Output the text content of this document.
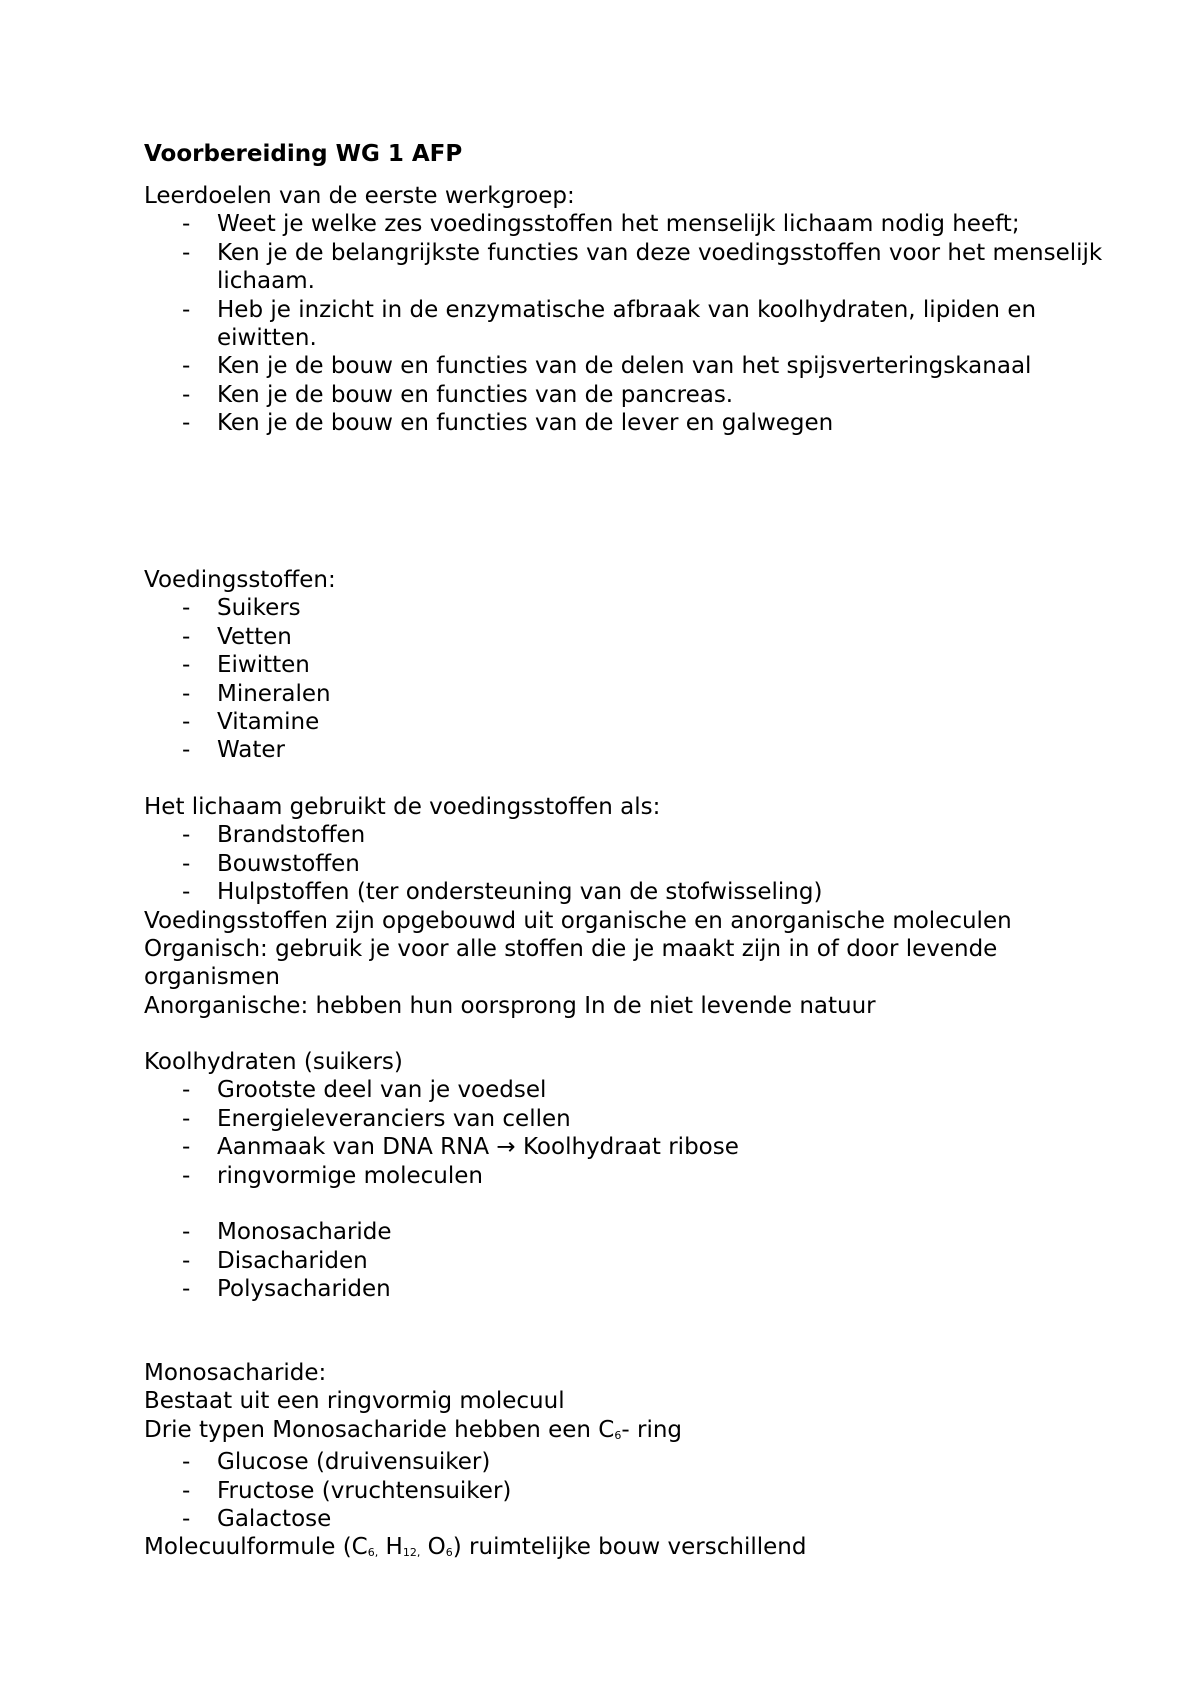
Voorbereiding WG 1 AFP

Leerdoelen van de eerste werkgroep:

- Weet je welke zes voedingsstoffen het menselijk lichaam nodig heeft;
- Ken je de belangrijkste functies van deze voedingsstoffen voor het menselijk lichaam.
- Heb je inzicht in de enzymatische afbraak van koolhydraten, lipiden en eiwitten.
- Ken je de bouw en functies van de delen van het spijsverteringskanaal
- Ken je de bouw en functies van de pancreas.
- Ken je de bouw en functies van de lever en galwegen

Voedingsstoffen:

- Suikers
- Vetten
- Eiwitten
- Mineralen
- Vitamine
- Water

Het lichaam gebruikt de voedingsstoffen als:

- Brandstoffen
- Bouwstoffen
- Hulpstoffen (ter ondersteuning van de stofwisseling)

Voedingsstoffen zijn opgebouwd uit organische en anorganische moleculen

Organisch: gebruik je voor alle stoffen die je maakt zijn in of door levende organismen

Anorganische: hebben hun oorsprong In de niet levende natuur

Koolhydraten (suikers)

- Grootste deel van je voedsel
- Energieleveranciers van cellen
- Aanmaak van DNA RNA → Koolhydraat ribose
- ringvormige moleculen
- Monosacharide
- Disachariden
- Polysachariden

Monosacharide:

Bestaat uit een ringvormig molecuul

Drie typen Monosacharide hebben een $C_6-$ ring

- Glucose (druivensuiker)
- Fructose (vruchtensuiker)
- Galactose

Molecuulformule ($C_{6,}$ $H_{12,}$ $O_6$) ruimtelijke bouw verschillend
